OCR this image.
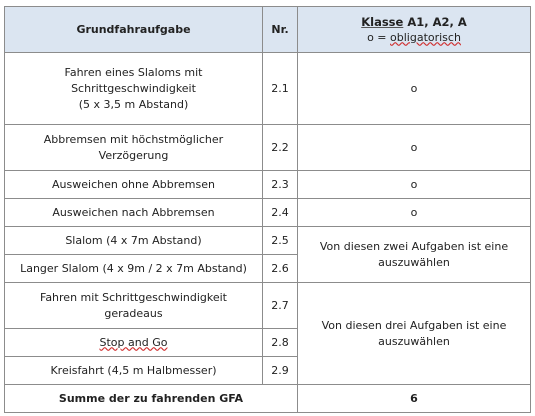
Grundfahraufgabe	Nr.	Klasse A1, A2, A
o = obligatorisch

Fahren eines Slaloms mit
Schrittgeschwindigkeit
(5 x 3,5 m Abstand)	2.1	o

Abbremsen mit höchstmöglicher
Verzögerung	2.2	o
Ausweichen ohne Abbremsen	2.3	o
Ausweichen nach Abbremsen	2.4	o
Slalom (4 x 7m Abstand)	2.5	Von diesen zwei Aufgaben ist eine
auszuwählen

Langer Slalom (4 x 9m / 2 x 7m Abstand)	2.6	

Fahren mit Schrittgeschwindigkeit
geradeaus	2.7	Von diesen drei Aufgaben ist eine
auszuwählen

Stop and Go	2.8	
Kreisfahrt (4,5 m Halbmesser)	2.9	
Summe der zu fahrenden GFA		6
